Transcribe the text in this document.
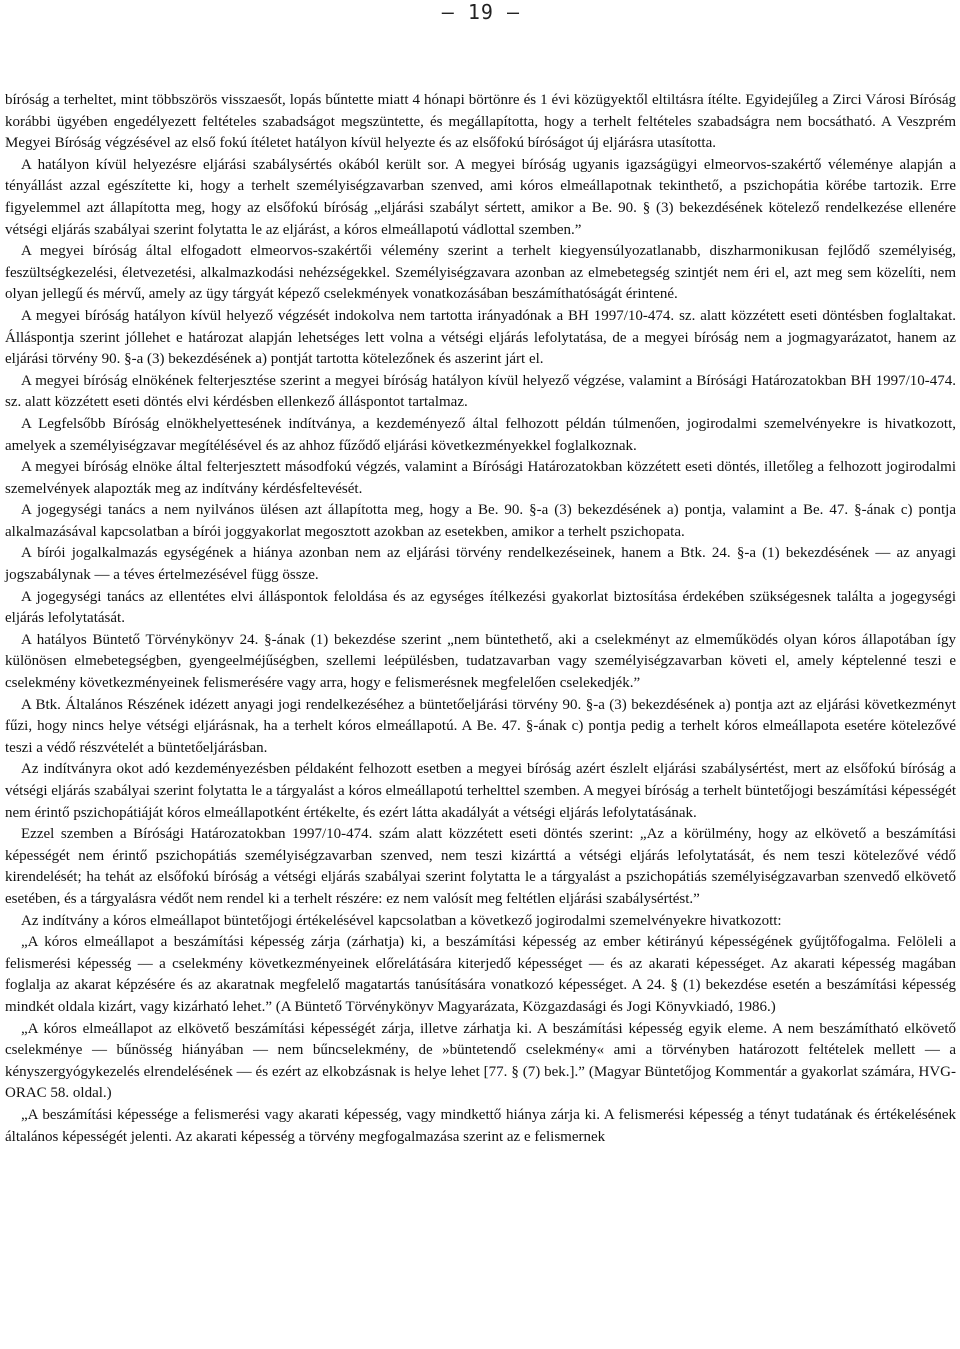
– 19 –

bíróság a terheltet, mint többszörös visszaesőt, lopás bűntette miatt 4 hónapi börtönre és 1 évi közügyektől eltiltásra ítélte. Egyidejűleg a Zirci Városi Bíróság korábbi ügyében engedélyezett feltételes szabadságot megszüntette, és megállapította, hogy a terhelt feltételes szabadságra nem bocsátható. A Veszprém Megyei Bíróság végzésével az első fokú ítéletet hatályon kívül helyezte és az elsőfokú bíróságot új eljárásra utasította.

A hatályon kívül helyezésre eljárási szabálysértés okából került sor. A megyei bíróság ugyanis igazságügyi elmeorvos-szakértő véleménye alapján a tényállást azzal egészítette ki, hogy a terhelt személyiségzavarban szenved, ami kóros elmeállapotnak tekinthető, a pszichopátia körébe tartozik. Erre figyelemmel azt állapította meg, hogy az elsőfokú bíróság „eljárási szabályt sértett, amikor a Be. 90. § (3) bekezdésének kötelező rendelkezése ellenére vétségi eljárás szabályai szerint folytatta le az eljárást, a kóros elmeállapotú vádlottal szemben.”

A megyei bíróság által elfogadott elmeorvos-szakértői vélemény szerint a terhelt kiegyensúlyozatlanabb, diszharmonikusan fejlődő személyiség, feszültségkezelési, életvezetési, alkalmazkodási nehézségekkel. Személyiségzavara azonban az elmebetegség szintjét nem éri el, azt meg sem közelíti, nem olyan jellegű és mérvű, amely az ügy tárgyát képező cselekmények vonatkozásában beszámíthatóságát érintené.

A megyei bíróság hatályon kívül helyező végzését indokolva nem tartotta irányadónak a BH 1997/10-474. sz. alatt közzétett eseti döntésben foglaltakat. Álláspontja szerint jóllehet e határozat alapján lehetséges lett volna a vétségi eljárás lefolytatása, de a megyei bíróság nem a jogmagyarázatot, hanem az eljárási törvény 90. §-a (3) bekezdésének a) pontját tartotta kötelezőnek és aszerint járt el.

A megyei bíróság elnökének felterjesztése szerint a megyei bíróság hatályon kívül helyező végzése, valamint a Bírósági Határozatokban BH 1997/10-474. sz. alatt közzétett eseti döntés elvi kérdésben ellenkező álláspontot tartalmaz.

A Legfelsőbb Bíróság elnökhelyettesének indítványa, a kezdeményező által felhozott példán túlmenően, jogirodalmi szemelvényekre is hivatkozott, amelyek a személyiségzavar megítélésével és az ahhoz fűződő eljárási következményekkel foglalkoznak.

A megyei bíróság elnöke által felterjesztett másodfokú végzés, valamint a Bírósági Határozatokban közzétett eseti döntés, illetőleg a felhozott jogirodalmi szemelvények alapozták meg az indítvány kérdésfeltevését.

A jogegységi tanács a nem nyilvános ülésen azt állapította meg, hogy a Be. 90. §-a (3) bekezdésének a) pontja, valamint a Be. 47. §-ának c) pontja alkalmazásával kapcsolatban a bírói joggyakorlat megosztott azokban az esetekben, amikor a terhelt pszichopata.

A bírói jogalkalmazás egységének a hiánya azonban nem az eljárási törvény rendelkezéseinek, hanem a Btk. 24. §-a (1) bekezdésének — az anyagi jogszabálynak — a téves értelmezésével függ össze.

A jogegységi tanács az ellentétes elvi álláspontok feloldása és az egységes ítélkezési gyakorlat biztosítása érdekében szükségesnek találta a jogegységi eljárás lefolytatását.

A hatályos Büntető Törvénykönyv 24. §-ának (1) bekezdése szerint „nem büntethető, aki a cselekményt az elmeműködés olyan kóros állapotában így különösen elmebetegségben, gyengeelméjűségben, szellemi leépülésben, tudatzavarban vagy személyiségzavarban követi el, amely képtelenné teszi e cselekmény következményeinek felismerésére vagy arra, hogy e felismerésnek megfelelően cselekedjék.”

A Btk. Általános Részének idézett anyagi jogi rendelkezéséhez a büntetőeljárási törvény 90. §-a (3) bekezdésének a) pontja azt az eljárási következményt fűzi, hogy nincs helye vétségi eljárásnak, ha a terhelt kóros elmeállapotú. A Be. 47. §-ának c) pontja pedig a terhelt kóros elmeállapota esetére kötelezővé teszi a védő részvételét a büntetőeljárásban.

Az indítványra okot adó kezdeményezésben példaként felhozott esetben a megyei bíróság azért észlelt eljárási szabálysértést, mert az elsőfokú bíróság a vétségi eljárás szabályai szerint folytatta le a tárgyalást a kóros elmeállapotú terhelttel szemben. A megyei bíróság a terhelt büntetőjogi beszámítási képességét nem érintő pszichopátiáját kóros elmeállapotként értékelte, és ezért látta akadályát a vétségi eljárás lefolytatásának.

Ezzel szemben a Bírósági Határozatokban 1997/10-474. szám alatt közzétett eseti döntés szerint: „Az a körülmény, hogy az elkövető a beszámítási képességét nem érintő pszichopátiás személyiségzavarban szenved, nem teszi kizárttá a vétségi eljárás lefolytatását, és nem teszi kötelezővé védő kirendelését; ha tehát az elsőfokú bíróság a vétségi eljárás szabályai szerint folytatta le a tárgyalást a pszichopátiás személyiségzavarban szenvedő elkövető esetében, és a tárgyalásra védőt nem rendel ki a terhelt részére: ez nem valósít meg feltétlen eljárási szabálysértést.”

Az indítvány a kóros elmeállapot büntetőjogi értékelésével kapcsolatban a következő jogirodalmi szemelvényekre hivatkozott:

„A kóros elmeállapot a beszámítási képesség zárja (zárhatja) ki, a beszámítási képesség az ember kétirányú képességének gyűjtőfogalma. Felöleli a felismerési képesség — a cselekmény következményeinek előrelátására kiterjedő képességet — és az akarati képességet. Az akarati képesség magában foglalja az akarat képzésére és az akaratnak megfelelő magatartás tanúsítására vonatkozó képességet. A 24. § (1) bekezdése esetén a beszámítási képesség mindkét oldala kizárt, vagy kizárható lehet.” (A Büntető Törvénykönyv Magyarázata, Közgazdasági és Jogi Könyvkiadó, 1986.)

„A kóros elmeállapot az elkövető beszámítási képességét zárja, illetve zárhatja ki. A beszámítási képesség egyik eleme. A nem beszámítható elkövető cselekménye — bűnösség hiányában — nem bűncselekmény, de »büntetendő cselekmény« ami a törvényben határozott feltételek mellett — a kényszergyógykezelés elrendelésének — és ezért az elkobzásnak is helye lehet [77. § (7) bek.].” (Magyar Büntetőjog Kommentár a gyakorlat számára, HVG-ORAC 58. oldal.)

„A beszámítási képessége a felismerési vagy akarati képesség, vagy mindkettő hiánya zárja ki. A felismerési képesség a tényt tudatának és értékelésének általános képességét jelenti. Az akarati képesség a törvény megfogalmazása szerint az e felismernek
